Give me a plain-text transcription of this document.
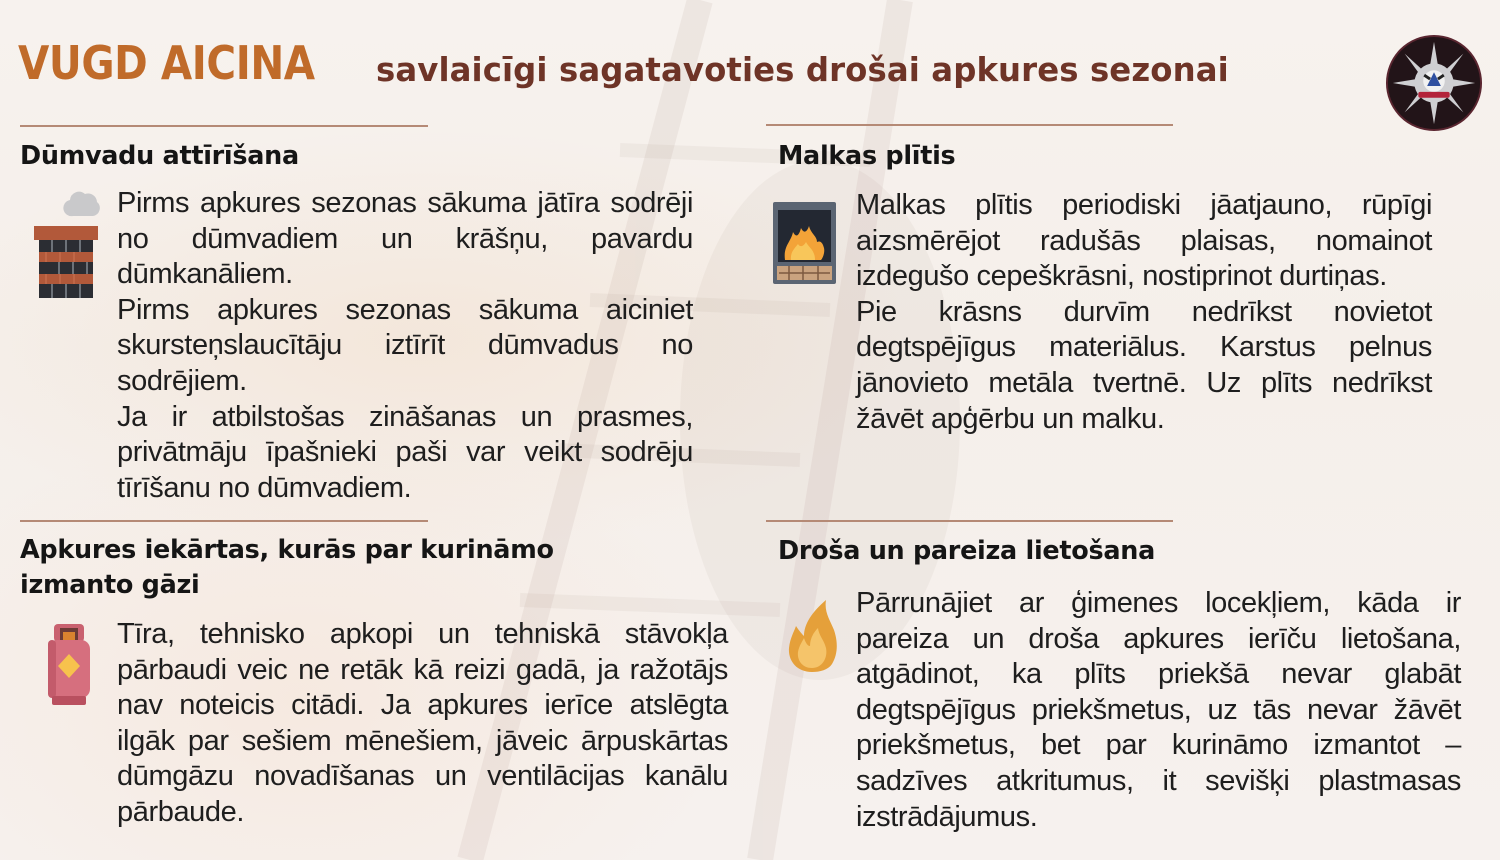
VUGD AICINA savlaicīgi sagatavoties drošai apkures sezonai
Dūmvadu attīrīšana

Pirms apkures sezonas sākuma jātīra sodrēji no dūmvadiem un krāšņu, pavardu dūmkanāliem.

Pirms apkures sezonas sākuma aiciniet skursteņslaucītāju iztīrīt dūmvadus no sodrējiem.

Ja ir atbilstošas zināšanas un prasmes, privātmāju īpašnieki paši var veikt sodrēju tīrīšanu no dūmvadiem.

Malkas plītis

Malkas plītis periodiski jāatjauno, rūpīgi aizsmērējot radušās plaisas, nomainot izdegušo cepeškrāsni, nostiprinot durtiņas.

Pie krāsns durvīm nedrīkst novietot degtspējīgus materiālus. Karstus pelnus jānovieto metāla tvertnē. Uz plīts nedrīkst žāvēt apģērbu un malku.

Apkures iekārtas, kurās par kurināmo izmanto gāzi

Tīra, tehnisko apkopi un tehniskā stāvokļa pārbaudi veic ne retāk kā reizi gadā, ja ražotājs nav noteicis citādi. Ja apkures ierīce atslēgta ilgāk par sešiem mēnešiem, jāveic ārpuskārtas dūmgāzu novadīšanas un ventilācijas kanālu pārbaude.

Droša un pareiza lietošana

Pārrunājiet ar ģimenes locekļiem, kāda ir pareiza un droša apkures ierīču lietošana, atgādinot, ka plīts priekšā nevar glabāt degtspējīgus priekšmetus, uz tās nevar žāvēt priekšmetus, bet par kurināmo izmantot – sadzīves atkritumus, it sevišķi plastmasas izstrādājumus.
